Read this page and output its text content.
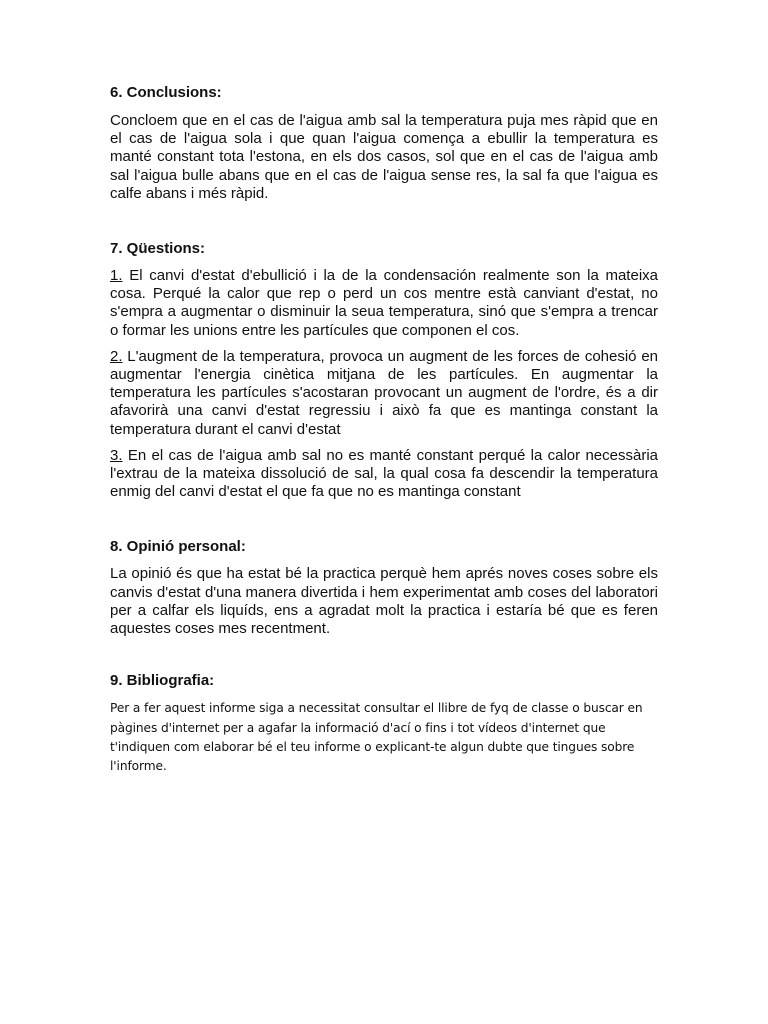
6. Conclusions:

Concloem que en el cas de l'aigua amb sal la temperatura puja mes ràpid que en el cas de l'aigua sola i que quan l'aigua comença a ebullir la temperatura es manté constant tota l'estona, en els dos casos, sol que en el cas de l'aigua amb sal l'aigua bulle abans que en el cas de l'aigua sense res, la sal fa que l'aigua es calfe abans i més ràpid.

7. Qüestions:

1. El canvi d'estat d'ebullició i la de la condensación realmente son la mateixa cosa. Perqué la calor que rep o perd un cos mentre està canviant d'estat, no s'empra a augmentar o disminuir la seua temperatura, sinó que s'empra a trencar o formar les unions entre les partícules que componen el cos.

2. L'augment de la temperatura, provoca un augment de les forces de cohesió en augmentar l'energia cinètica mitjana de les partícules. En augmentar la temperatura les partícules s'acostaran provocant un augment de l'ordre, és a dir afavorirà una canvi d'estat regressiu i això fa que es mantinga constant la temperatura durant el canvi d'estat

3. En el cas de l'aigua amb sal no es manté constant perqué la calor necessària l'extrau de la mateixa dissolució de sal, la qual cosa fa descendir la temperatura enmig del canvi d'estat el que fa que no es mantinga constant

8. Opinió personal:

La opinió és que ha estat bé la practica perquè hem aprés noves coses sobre els canvis d'estat d'una manera divertida i hem experimentat amb coses del laboratori per a calfar els liquíds, ens a agradat molt la practica i estaría bé que es feren aquestes coses mes recentment.

9. Bibliografia:

Per a fer aquest informe siga a necessitat consultar el llibre de fyq de classe o buscar en pàgines d'internet per a agafar la informació d'ací o fins i tot vídeos d'internet que t'indiquen com elaborar bé el teu informe o explicant-te algun dubte que tingues sobre l'informe.
